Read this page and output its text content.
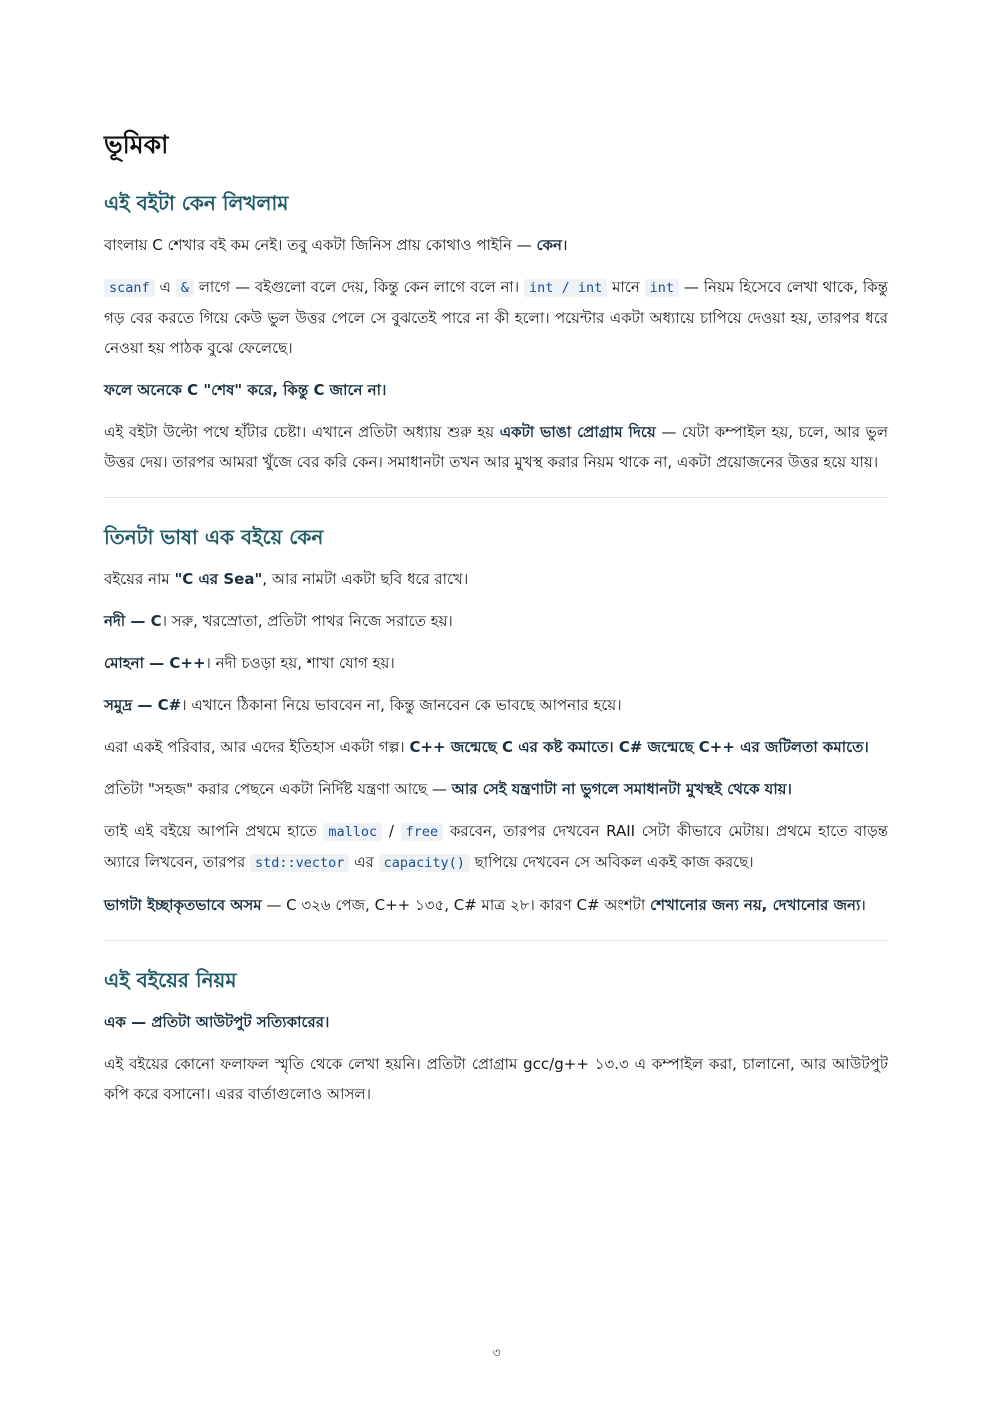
ভূমিকা
এই বইটা কেন লিখলাম

বাংলায় C শেখার বই কম নেই। তবু একটা জিনিস প্রায় কোথাও পাইনি — কেন।

scanf এ & লাগে — বইগুলো বলে দেয়, কিন্তু কেন লাগে বলে না। int / int মানে int — নিয়ম হিসেবে লেখা থাকে, কিন্তু গড় বের করতে গিয়ে কেউ ভুল উত্তর পেলে সে বুঝতেই পারে না কী হলো। পয়েন্টার একটা অধ্যায়ে চাপিয়ে দেওয়া হয়, তারপর ধরে নেওয়া হয় পাঠক বুঝে ফেলেছে।

ফলে অনেকে C "শেষ" করে, কিন্তু C জানে না।

এই বইটা উল্টো পথে হাঁটার চেষ্টা। এখানে প্রতিটা অধ্যায় শুরু হয় একটা ভাঙা প্রোগ্রাম দিয়ে — যেটা কম্পাইল হয়, চলে, আর ভুল উত্তর দেয়। তারপর আমরা খুঁজে বের করি কেন। সমাধানটা তখন আর মুখস্থ করার নিয়ম থাকে না, একটা প্রয়োজনের উত্তর হয়ে যায়।

তিনটা ভাষা এক বইয়ে কেন

বইয়ের নাম "C এর Sea", আর নামটা একটা ছবি ধরে রাখে।

নদী — C। সরু, খরস্রোতা, প্রতিটা পাথর নিজে সরাতে হয়।

মোহনা — C++। নদী চওড়া হয়, শাখা যোগ হয়।

সমুদ্র — C#। এখানে ঠিকানা নিয়ে ভাববেন না, কিন্তু জানবেন কে ভাবছে আপনার হয়ে।

এরা একই পরিবার, আর এদের ইতিহাস একটা গল্প। C++ জন্মেছে C এর কষ্ট কমাতে। C# জন্মেছে C++ এর জটিলতা কমাতে।

প্রতিটা "সহজ" করার পেছনে একটা নির্দিষ্ট যন্ত্রণা আছে — আর সেই যন্ত্রণাটা না ভুগলে সমাধানটা মুখস্থই থেকে যায়।

তাই এই বইয়ে আপনি প্রথমে হাতে malloc / free করবেন, তারপর দেখবেন RAII সেটা কীভাবে মেটায়। প্রথমে হাতে বাড়ন্ত অ্যারে লিখবেন, তারপর std::vector এর capacity() ছাপিয়ে দেখবেন সে অবিকল একই কাজ করছে।

ভাগটা ইচ্ছাকৃতভাবে অসম — C ৩২৬ পেজ, C++ ১৩৫, C# মাত্র ২৮। কারণ C# অংশটা শেখানোর জন্য নয়, দেখানোর জন্য।

এই বইয়ের নিয়ম

এক — প্রতিটা আউটপুট সত্যিকারের।

এই বইয়ের কোনো ফলাফল স্মৃতি থেকে লেখা হয়নি। প্রতিটা প্রোগ্রাম gcc/g++ ১৩.৩ এ কম্পাইল করা, চালানো, আর আউটপুট কপি করে বসানো। এরর বার্তাগুলোও আসল।

৩
